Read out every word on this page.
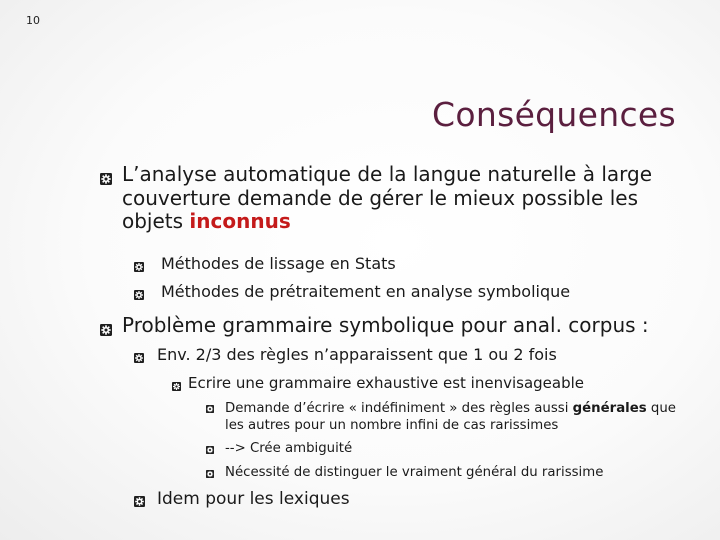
10
Conséquences
L’analyse automatique de la langue naturelle à large couverture demande de gérer le mieux possible les objets inconnus
Méthodes de lissage en Stats
Méthodes de prétraitement en analyse symbolique
Problème grammaire symbolique pour anal. corpus :
Env. 2/3 des règles n’apparaissent que 1 ou 2 fois
Ecrire une grammaire exhaustive est inenvisageable
Demande d’écrire « indéfiniment » des règles aussi générales que les autres pour un nombre infini de cas rarissimes
--> Crée ambiguité
Nécessité de distinguer le vraiment général du rarissime
Idem pour les lexiques
